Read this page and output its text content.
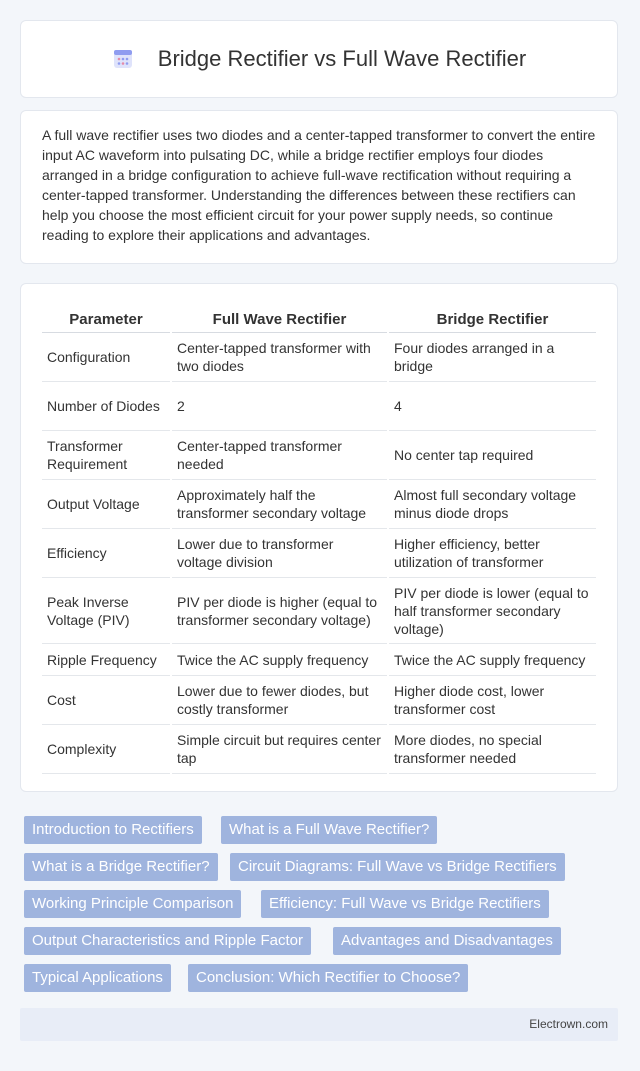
Bridge Rectifier vs Full Wave Rectifier

A full wave rectifier uses two diodes and a center-tapped transformer to convert the entire input AC waveform into pulsating DC, while a bridge rectifier employs four diodes arranged in a bridge configuration to achieve full-wave rectification without requiring a center-tapped transformer. Understanding the differences between these rectifiers can help you choose the most efficient circuit for your power supply needs, so continue reading to explore their applications and advantages.

Parameter	Full Wave Rectifier	Bridge Rectifier
Configuration	Center-tapped transformer with two diodes	Four diodes arranged in a bridge
Number of Diodes	2	4
Transformer Requirement	Center-tapped transformer needed	No center tap required
Output Voltage	Approximately half the transformer secondary voltage	Almost full secondary voltage minus diode drops
Efficiency	Lower due to transformer voltage division	Higher efficiency, better utilization of transformer
Peak Inverse Voltage (PIV)	PIV per diode is higher (equal to transformer secondary voltage)	PIV per diode is lower (equal to half transformer secondary voltage)
Ripple Frequency	Twice the AC supply frequency	Twice the AC supply frequency
Cost	Lower due to fewer diodes, but costly transformer	Higher diode cost, lower transformer cost
Complexity	Simple circuit but requires center tap	More diodes, no special transformer needed
Introduction to Rectifiers	What is a Full Wave Rectifier?
What is a Bridge Rectifier?	Circuit Diagrams: Full Wave vs Bridge Rectifiers
Working Principle Comparison	Efficiency: Full Wave vs Bridge Rectifiers
Output Characteristics and Ripple Factor	Advantages and Disadvantages
Typical Applications	Conclusion: Which Rectifier to Choose?
Electrown.com
